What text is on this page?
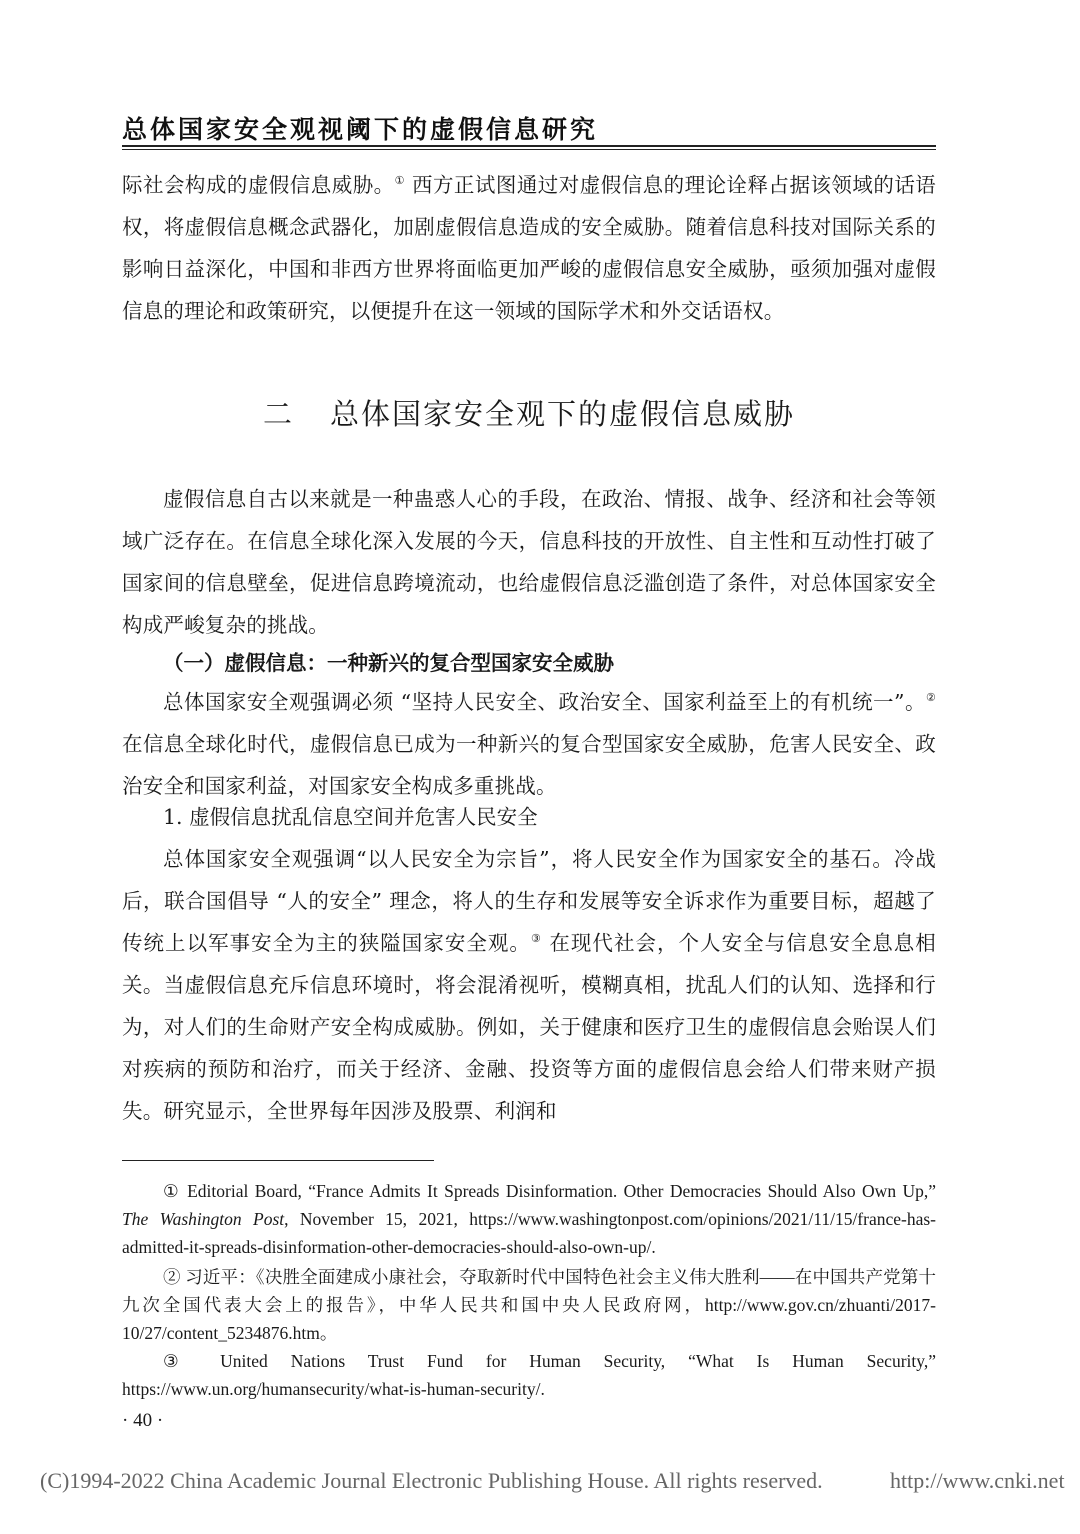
总体国家安全观视阈下的虚假信息研究

际社会构成的虚假信息威胁。① 西方正试图通过对虚假信息的理论诠释占据该领域的话语权，将虚假信息概念武器化，加剧虚假信息造成的安全威胁。随着信息科技对国际关系的影响日益深化，中国和非西方世界将面临更加严峻的虚假信息安全威胁，亟须加强对虚假信息的理论和政策研究，以便提升在这一领域的国际学术和外交话语权。

二 总体国家安全观下的虚假信息威胁

虚假信息自古以来就是一种蛊惑人心的手段，在政治、情报、战争、经济和社会等领域广泛存在。在信息全球化深入发展的今天，信息科技的开放性、自主性和互动性打破了国家间的信息壁垒，促进信息跨境流动，也给虚假信息泛滥创造了条件，对总体国家安全构成严峻复杂的挑战。

（一）虚假信息：一种新兴的复合型国家安全威胁

总体国家安全观强调必须 “坚持人民安全、政治安全、国家利益至上的有机统一”。② 在信息全球化时代，虚假信息已成为一种新兴的复合型国家安全威胁，危害人民安全、政治安全和国家利益，对国家安全构成多重挑战。

1. 虚假信息扰乱信息空间并危害人民安全

总体国家安全观强调“以人民安全为宗旨”，将人民安全作为国家安全的基石。冷战后，联合国倡导 “人的安全” 理念，将人的生存和发展等安全诉求作为重要目标，超越了传统上以军事安全为主的狭隘国家安全观。③ 在现代社会，个人安全与信息安全息息相关。当虚假信息充斥信息环境时，将会混淆视听，模糊真相，扰乱人们的认知、选择和行为，对人们的生命财产安全构成威胁。例如，关于健康和医疗卫生的虚假信息会贻误人们对疾病的预防和治疗，而关于经济、金融、投资等方面的虚假信息会给人们带来财产损失。研究显示，全世界每年因涉及股票、利润和

① Editorial Board, “France Admits It Spreads Disinformation. Other Democracies Should Also Own Up,” The Washington Post, November 15, 2021, https://www.washingtonpost.com/opinions/2021/11/15/france-has-admitted-it-spreads-disinformation-other-democracies-should-also-own-up/.

② 习近平：《决胜全面建成小康社会，夺取新时代中国特色社会主义伟大胜利——在中国共产党第十九次全国代表大会上的报告》，中华人民共和国中央人民政府网，http://www.gov.cn/zhuanti/2017-10/27/content_5234876.htm。

③ United Nations Trust Fund for Human Security, “What Is Human Security,” https://www.un.org/humansecurity/what-is-human-security/.

· 40 ·
(C)1994-2022 China Academic Journal Electronic Publishing House. All rights reserved.	http://www.cnki.net
